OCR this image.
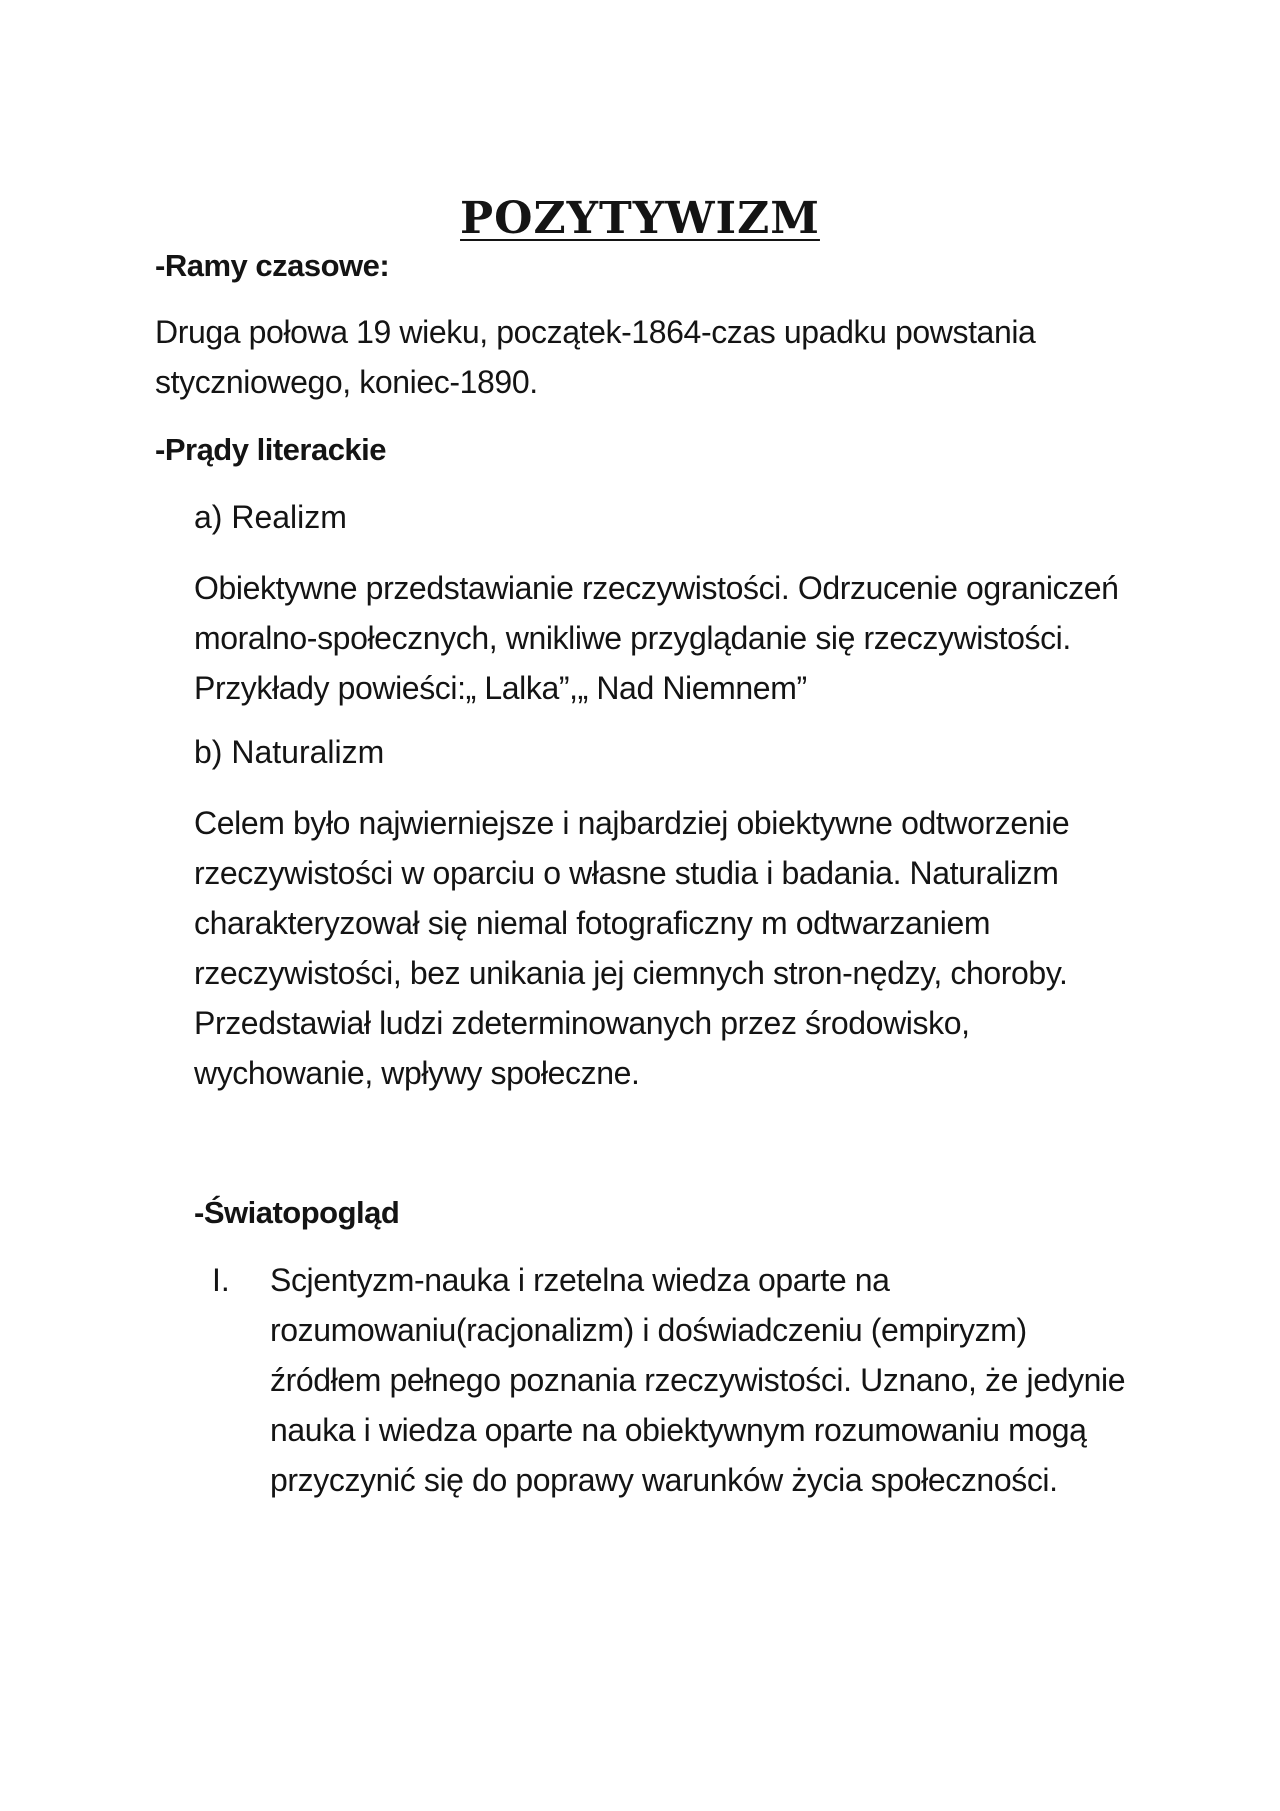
POZYTYWIZM
-Ramy czasowe:

Druga połowa 19 wieku, początek-1864-czas upadku powstania styczniowego, koniec-1890.

-Prądy literackie

a) Realizm

Obiektywne przedstawianie rzeczywistości. Odrzucenie ograniczeń moralno-społecznych, wnikliwe przyglądanie się rzeczywistości. Przykłady powieści:„ Lalka”,„ Nad Niemnem”

b) Naturalizm

Celem było najwierniejsze i najbardziej obiektywne odtworzenie rzeczywistości w oparciu o własne studia i badania. Naturalizm charakteryzował się niemal fotograficzny m odtwarzaniem rzeczywistości, bez unikania jej ciemnych stron-nędzy, choroby. Przedstawiał ludzi zdeterminowanych przez środowisko, wychowanie, wpływy społeczne.

-Światopogląd
I. Scjentyzm-nauka i rzetelna wiedza oparte na rozumowaniu(racjonalizm) i doświadczeniu (empiryzm) źródłem pełnego poznania rzeczywistości. Uznano, że jedynie nauka i wiedza oparte na obiektywnym rozumowaniu mogą przyczynić się do poprawy warunków życia społeczności.
